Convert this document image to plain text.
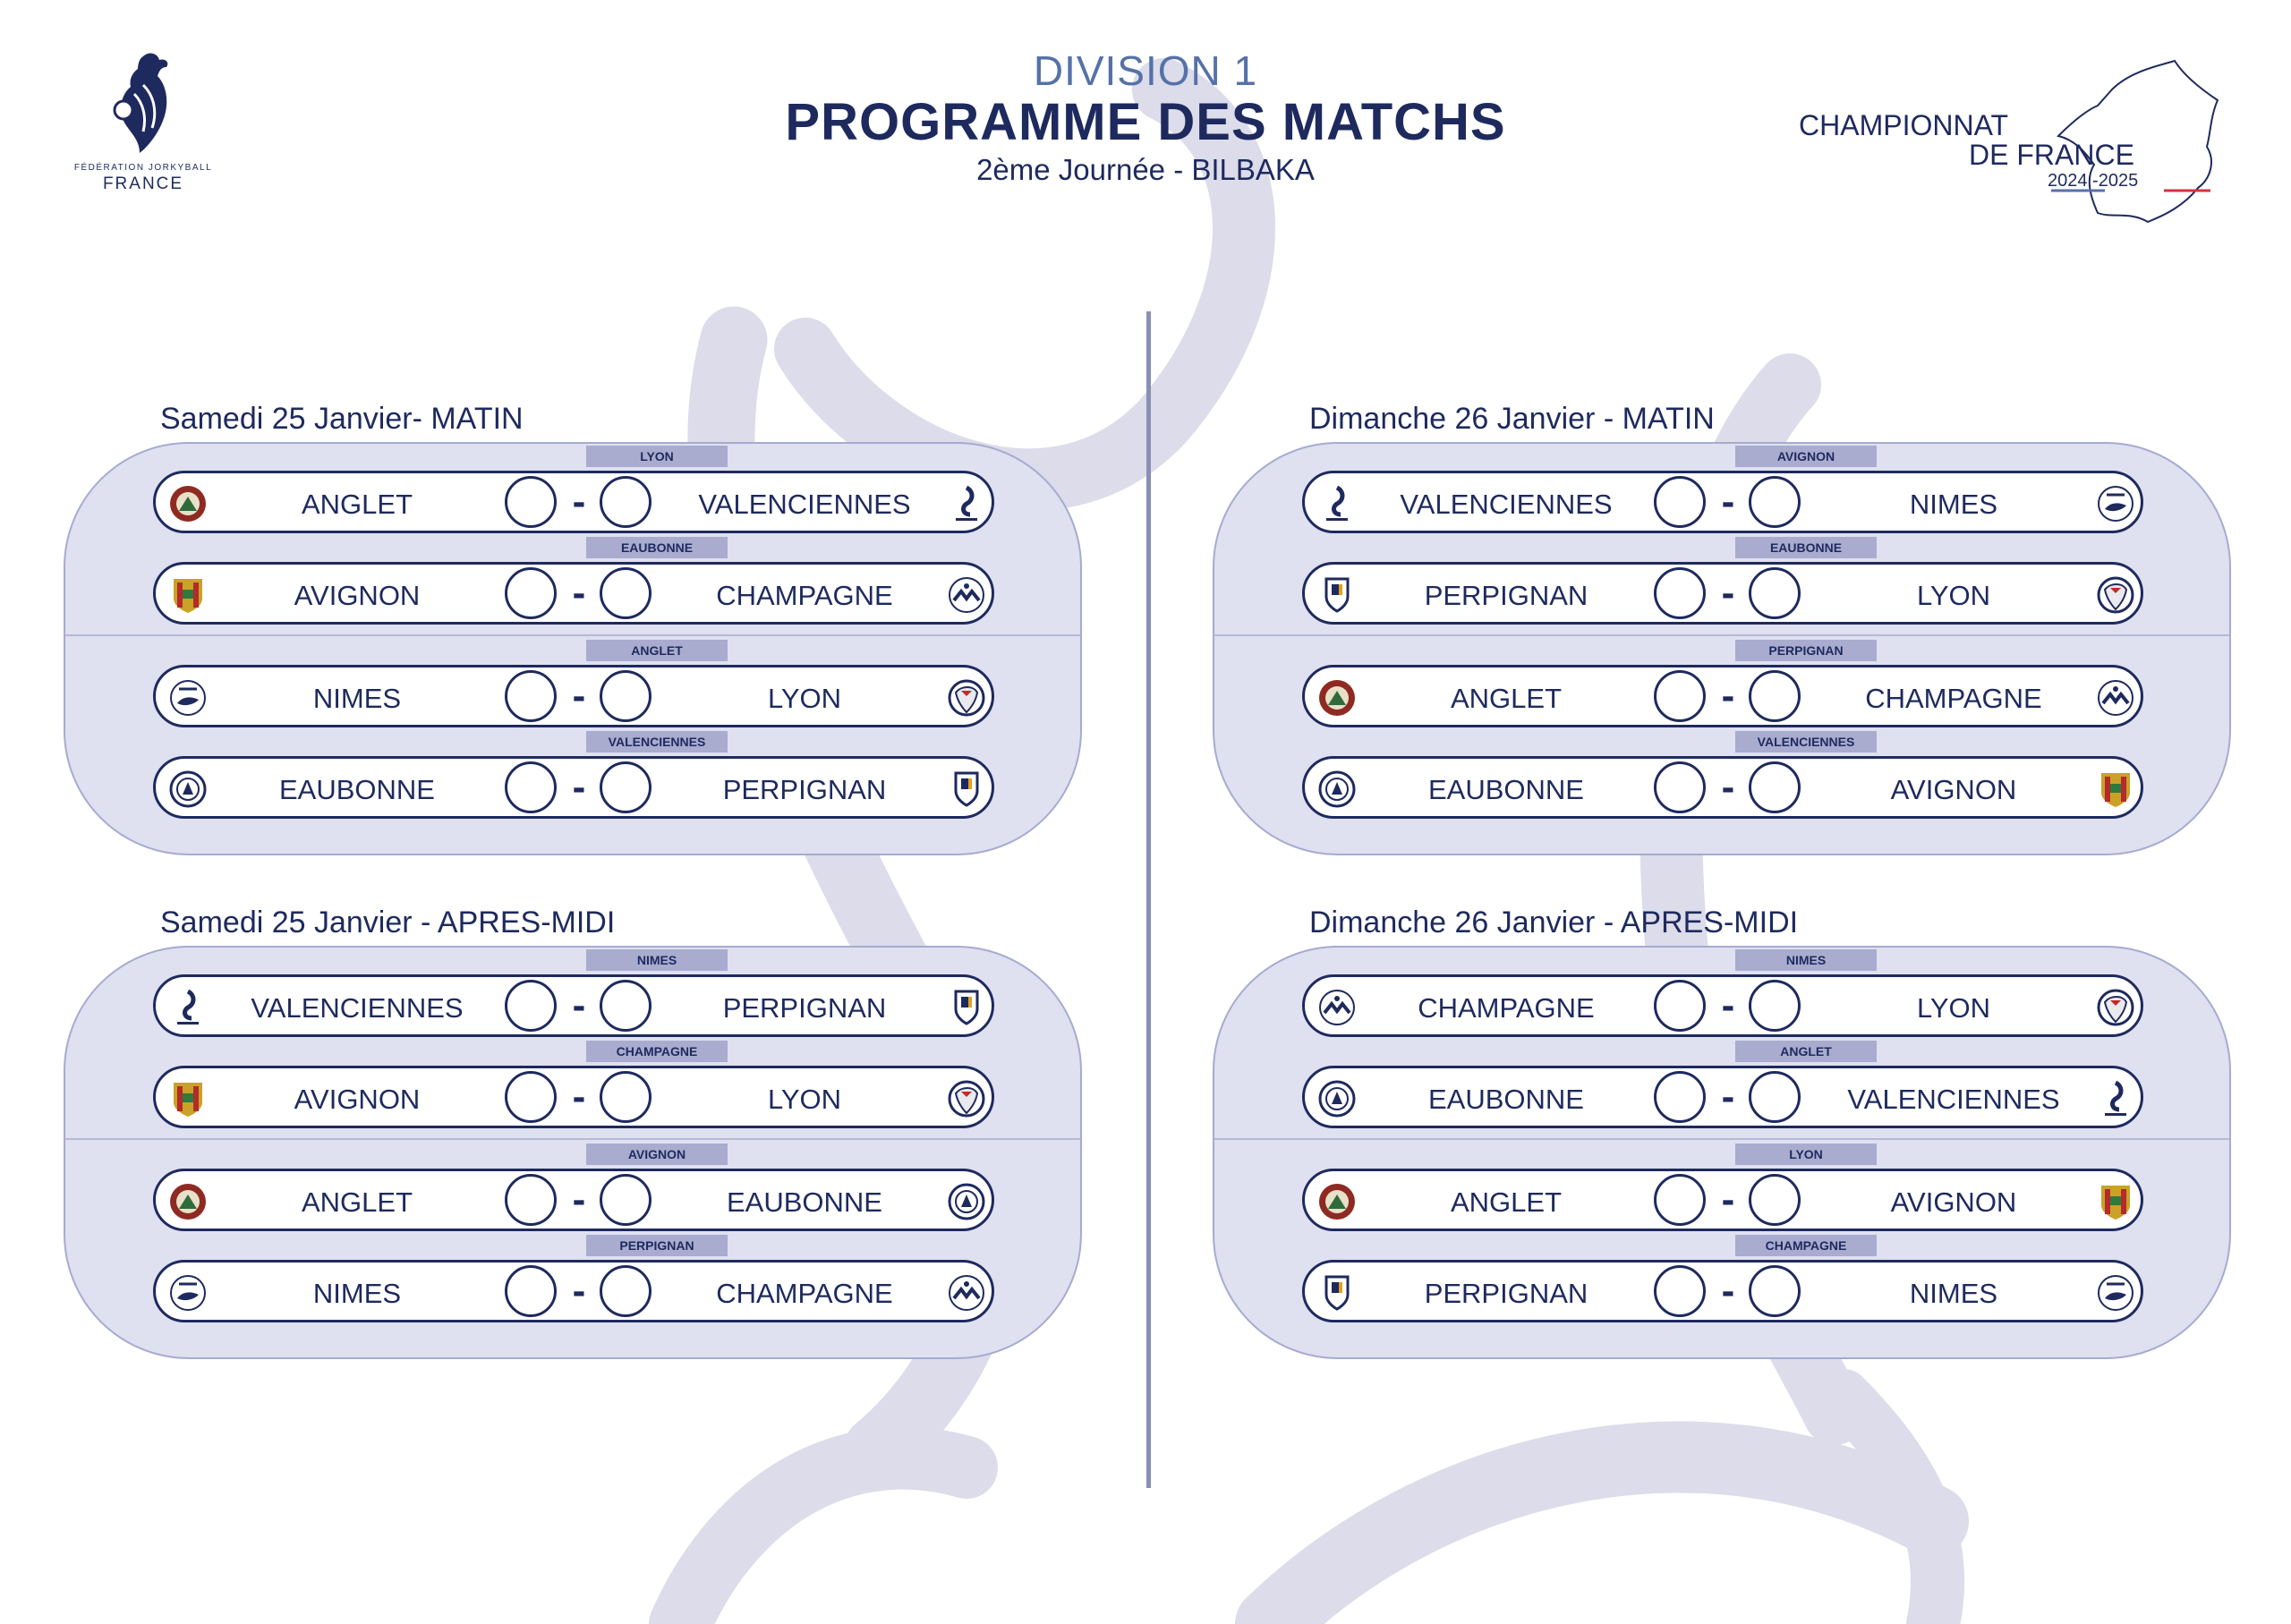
FÉDÉRATION JORKYBALL
FRANCE
DIVISION 1
PROGRAMME DES MATCHS
2ème Journée - BILBAKA
CHAMPIONNAT
DE FRANCE
2024 -2025
Samedi 25 Janvier- MATIN	Dimanche 26 Janvier - MATIN
Samedi 25 Janvier - APRES-MIDI	Dimanche 26 Janvier - APRES-MIDI
LYON
ANGLET	-	VALENCIENNES
EAUBONNE
AVIGNON	-	CHAMPAGNE
ANGLET
NIMES	-	LYON
VALENCIENNES
EAUBONNE	-	PERPIGNAN
AVIGNON
VALENCIENNES	-	NIMES
EAUBONNE
PERPIGNAN	-	LYON
PERPIGNAN
ANGLET	-	CHAMPAGNE
VALENCIENNES
EAUBONNE	-	AVIGNON
NIMES
VALENCIENNES	-	PERPIGNAN
CHAMPAGNE
AVIGNON	-	LYON
AVIGNON
ANGLET	-	EAUBONNE
PERPIGNAN
NIMES	-	CHAMPAGNE
NIMES
CHAMPAGNE	-	LYON
ANGLET
EAUBONNE	-	VALENCIENNES
LYON
ANGLET	-	AVIGNON
CHAMPAGNE
PERPIGNAN	-	NIMES
